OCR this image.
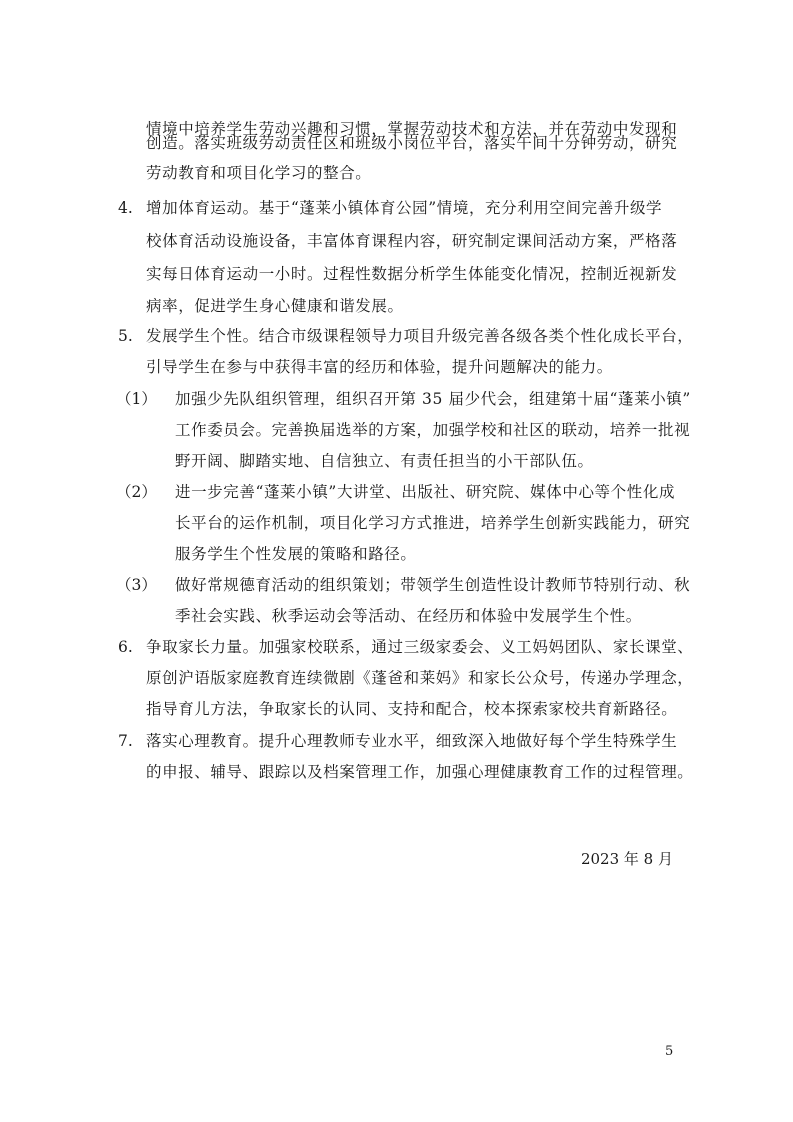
情境中培养学生劳动兴趣和习惯，掌握劳动技术和方法，并在劳动中发现和
创造。落实班级劳动责任区和班级小岗位平台，落实午间十分钟劳动，研究
劳动教育和项目化学习的整合。
4. 增加体育运动。基于“蓬莱小镇体育公园”情境，充分利用空间完善升级学
校体育活动设施设备，丰富体育课程内容，研究制定课间活动方案，严格落
实每日体育运动一小时。过程性数据分析学生体能变化情况，控制近视新发
病率，促进学生身心健康和谐发展。
5. 发展学生个性。结合市级课程领导力项目升级完善各级各类个性化成长平台，
引导学生在参与中获得丰富的经历和体验，提升问题解决的能力。
（1） 加强少先队组织管理，组织召开第 35 届少代会，组建第十届“蓬莱小镇”
工作委员会。完善换届选举的方案，加强学校和社区的联动，培养一批视
野开阔、脚踏实地、自信独立、有责任担当的小干部队伍。
（2） 进一步完善“蓬莱小镇”大讲堂、出版社、研究院、媒体中心等个性化成
长平台的运作机制，项目化学习方式推进，培养学生创新实践能力，研究
服务学生个性发展的策略和路径。
（3） 做好常规德育活动的组织策划；带领学生创造性设计教师节特别行动、秋
季社会实践、秋季运动会等活动、在经历和体验中发展学生个性。
6. 争取家长力量。加强家校联系，通过三级家委会、义工妈妈团队、家长课堂、
原创沪语版家庭教育连续微剧《蓬爸和莱妈》和家长公众号，传递办学理念，
指导育儿方法，争取家长的认同、支持和配合，校本探索家校共育新路径。
7. 落实心理教育。提升心理教师专业水平，细致深入地做好每个学生特殊学生
的申报、辅导、跟踪以及档案管理工作，加强心理健康教育工作的过程管理。
2023 年 8 月
5
